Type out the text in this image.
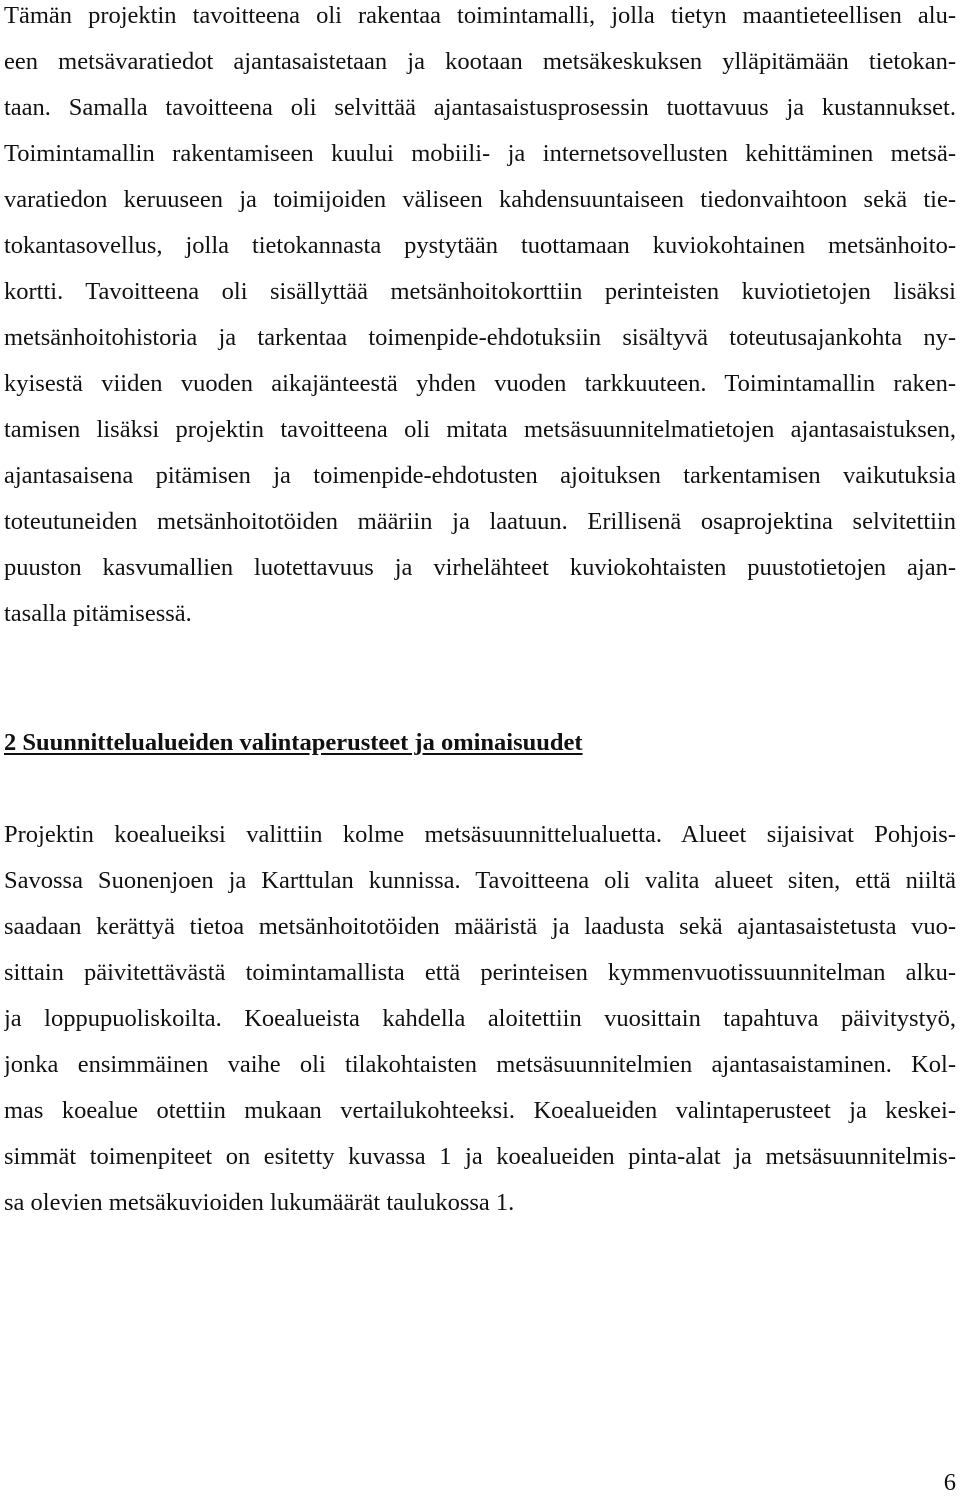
Tämän projektin tavoitteena oli rakentaa toimintamalli, jolla tietyn maantieteellisen alu-
een metsävaratiedot ajantasaistetaan ja kootaan metsäkeskuksen ylläpitämään tietokan-
taan. Samalla tavoitteena oli selvittää ajantasaistusprosessin tuottavuus ja kustannukset.
Toimintamallin rakentamiseen kuului mobiili- ja internetsovellusten kehittäminen metsä-
varatiedon keruuseen ja toimijoiden väliseen kahdensuuntaiseen tiedonvaihtoon sekä tie-
tokantasovellus, jolla tietokannasta pystytään tuottamaan kuviokohtainen metsänhoito-
kortti. Tavoitteena oli sisällyttää metsänhoitokorttiin perinteisten kuviotietojen lisäksi
metsänhoitohistoria ja tarkentaa toimenpide-ehdotuksiin sisältyvä toteutusajankohta ny-
kyisestä viiden vuoden aikajänteestä yhden vuoden tarkkuuteen. Toimintamallin raken-
tamisen lisäksi projektin tavoitteena oli mitata metsäsuunnitelmatietojen ajantasaistuksen,
ajantasaisena pitämisen ja toimenpide-ehdotusten ajoituksen tarkentamisen vaikutuksia
toteutuneiden metsänhoitotöiden määriin ja laatuun. Erillisenä osaprojektina selvitettiin
puuston kasvumallien luotettavuus ja virhelähteet kuviokohtaisten puustotietojen ajan-
tasalla pitämisessä.
2 Suunnittelualueiden valintaperusteet ja ominaisuudet
Projektin koealueiksi valittiin kolme metsäsuunnittelualuetta. Alueet sijaisivat Pohjois-
Savossa Suonenjoen ja Karttulan kunnissa. Tavoitteena oli valita alueet siten, että niiltä
saadaan kerättyä tietoa metsänhoitotöiden määristä ja laadusta sekä ajantasaistetusta vuo-
sittain päivitettävästä toimintamallista että perinteisen kymmenvuotissuunnitelman alku-
ja loppupuoliskoilta. Koealueista kahdella aloitettiin vuosittain tapahtuva päivitystyö,
jonka ensimmäinen vaihe oli tilakohtaisten metsäsuunnitelmien ajantasaistaminen. Kol-
mas koealue otettiin mukaan vertailukohteeksi. Koealueiden valintaperusteet ja keskei-
simmät toimenpiteet on esitetty kuvassa 1 ja koealueiden pinta-alat ja metsäsuunnitelmis-
sa olevien metsäkuvioiden lukumäärät taulukossa 1.
6
